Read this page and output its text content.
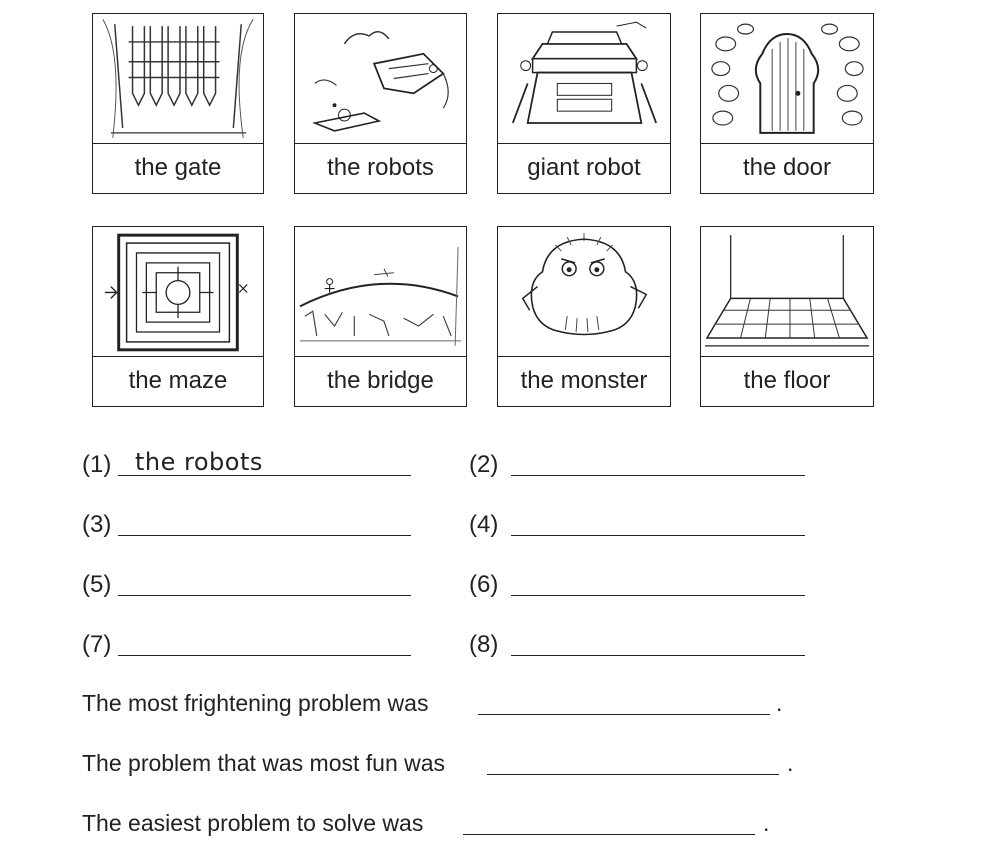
the gate	the robots	giant robot	the door
the maze	the bridge	the monster	the floor
(1) the robots	(2)
(3)	(4)
(5)	(6)
(7)	(8)
The most frightening problem was	.
The problem that was most fun was	.
The easiest problem to solve was	.
